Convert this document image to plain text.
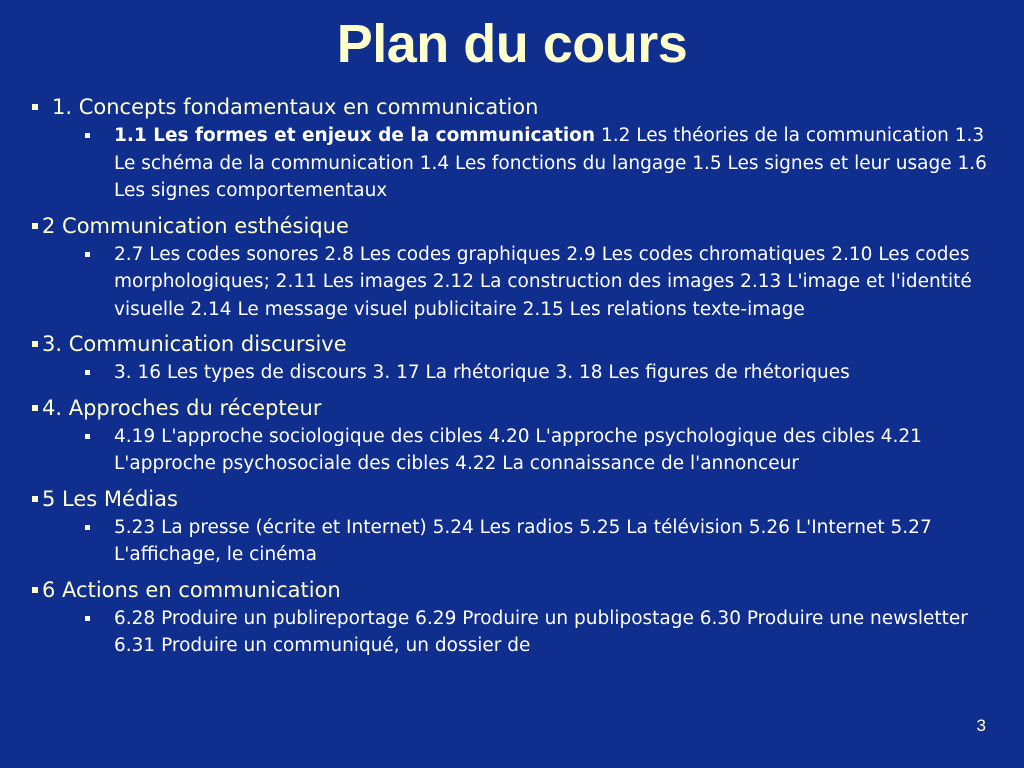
Plan du cours
1. Concepts fondamentaux en communication
1.1 Les formes et enjeux de la communication 1.2 Les théories de la communication 1.3 Le schéma de la communication 1.4 Les fonctions du langage 1.5 Les signes et leur usage 1.6 Les signes comportementaux
2 Communication esthésique
2.7 Les codes sonores 2.8 Les codes graphiques 2.9 Les codes chromatiques 2.10 Les codes morphologiques; 2.11 Les images 2.12 La construction des images 2.13 L'image et l'identité visuelle 2.14 Le message visuel publicitaire 2.15 Les relations texte-image
3. Communication discursive
3. 16 Les types de discours 3. 17 La rhétorique 3. 18 Les figures de rhétoriques
4. Approches du récepteur
4.19 L'approche sociologique des cibles 4.20 L'approche psychologique des cibles 4.21 L'approche psychosociale des cibles 4.22 La connaissance de l'annonceur
5 Les Médias
5.23 La presse (écrite et Internet) 5.24 Les radios 5.25 La télévision 5.26 L'Internet 5.27 L'affichage, le cinéma
6 Actions en communication
6.28 Produire un publireportage 6.29 Produire un publipostage 6.30 Produire une newsletter 6.31 Produire un communiqué, un dossier de
3
